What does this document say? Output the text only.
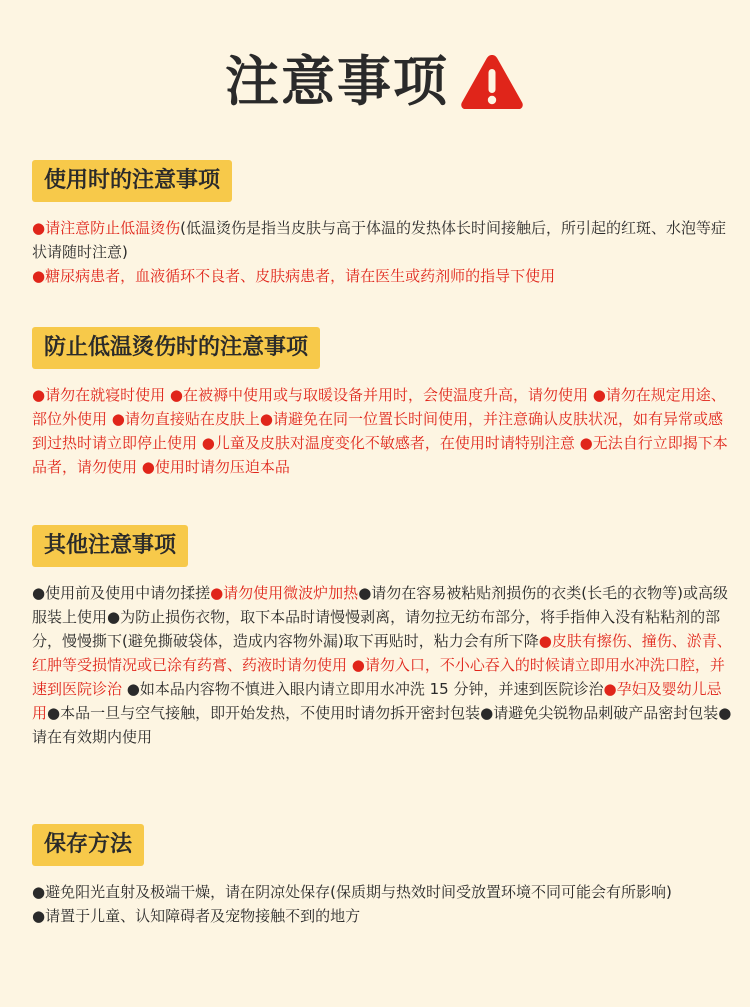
注意事项
使用时的注意事项

●请注意防止低温烫伤(低温烫伤是指当皮肤与高于体温的发热体长时间接触后，所引起的红斑、水泡等症状请随时注意)

●糖尿病患者，血液循环不良者、皮肤病患者，请在医生或药剂师的指导下使用

防止低温烫伤时的注意事项

●请勿在就寝时使用 ●在被褥中使用或与取暖设备并用时，会使温度升高，请勿使用 ●请勿在规定用途、部位外使用 ●请勿直接贴在皮肤上●请避免在同一位置长时间使用，并注意确认皮肤状况，如有异常或感到过热时请立即停止使用 ●儿童及皮肤对温度变化不敏感者，在使用时请特别注意 ●无法自行立即揭下本品者，请勿使用 ●使用时请勿压迫本品

其他注意事项

●使用前及使用中请勿揉搓●请勿使用微波炉加热●请勿在容易被粘贴剂损伤的衣类(长毛的衣物等)或高级服装上使用●为防止损伤衣物，取下本品时请慢慢剥离，请勿拉无纺布部分，将手指伸入没有粘粘剂的部分，慢慢撕下(避免撕破袋体，造成内容物外漏)取下再贴时，粘力会有所下降●皮肤有擦伤、撞伤、淤青、红肿等受损情况或已涂有药膏、药液时请勿使用 ●请勿入口，不小心吞入的时候请立即用水冲洗口腔，并速到医院诊治 ●如本品内容物不慎进入眼内请立即用水冲洗 15 分钟，并速到医院诊治●孕妇及婴幼儿忌用●本品一旦与空气接触，即开始发热，不使用时请勿拆开密封包装●请避免尖锐物品刺破产品密封包装●请在有效期内使用

保存方法

●避免阳光直射及极端干燥，请在阴凉处保存(保质期与热效时间受放置环境不同可能会有所影响)

●请置于儿童、认知障碍者及宠物接触不到的地方
